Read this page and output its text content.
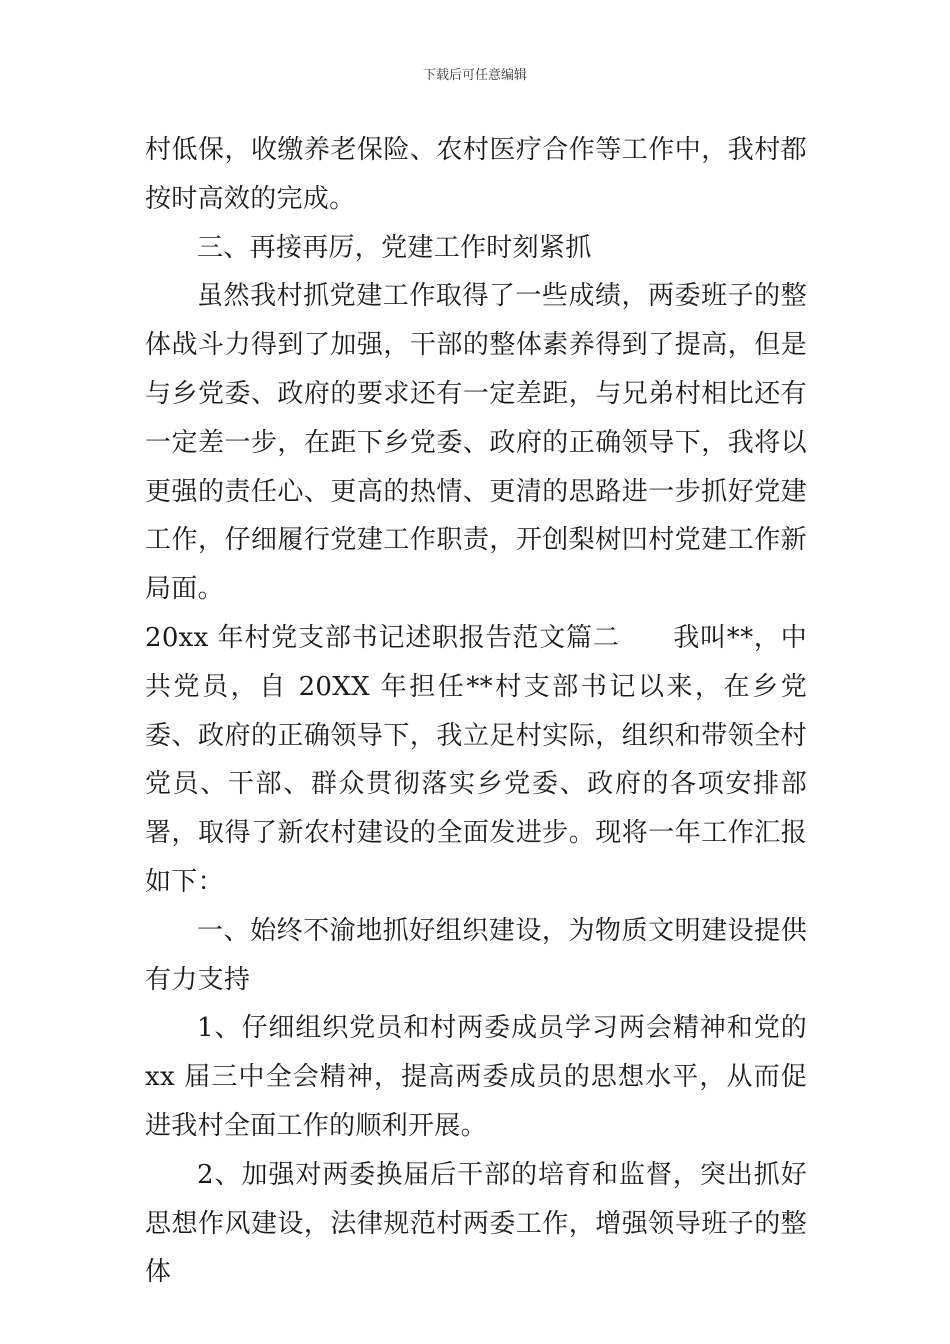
下载后可任意编辑

村低保，收缴养老保险、农村医疗合作等工作中，我村都按时高效的完成。

三、再接再厉，党建工作时刻紧抓

虽然我村抓党建工作取得了一些成绩，两委班子的整体战斗力得到了加强，干部的整体素养得到了提高，但是与乡党委、政府的要求还有一定差距，与兄弟村相比还有一定差一步，在距下乡党委、政府的正确领导下，我将以更强的责任心、更高的热情、更清的思路进一步抓好党建工作，仔细履行党建工作职责，开创梨树凹村党建工作新局面。

20xx 年村党支部书记述职报告范文篇二　　我叫**，中共党员，自 20XX 年担任**村支部书记以来，在乡党委、政府的正确领导下，我立足村实际，组织和带领全村党员、干部、群众贯彻落实乡党委、政府的各项安排部署，取得了新农村建设的全面发进步。现将一年工作汇报如下：

一、始终不渝地抓好组织建设，为物质文明建设提供有力支持

1、仔细组织党员和村两委成员学习两会精神和党的 xx 届三中全会精神，提高两委成员的思想水平，从而促进我村全面工作的顺利开展。

2、加强对两委换届后干部的培育和监督，突出抓好思想作风建设，法律规范村两委工作，增强领导班子的整体
